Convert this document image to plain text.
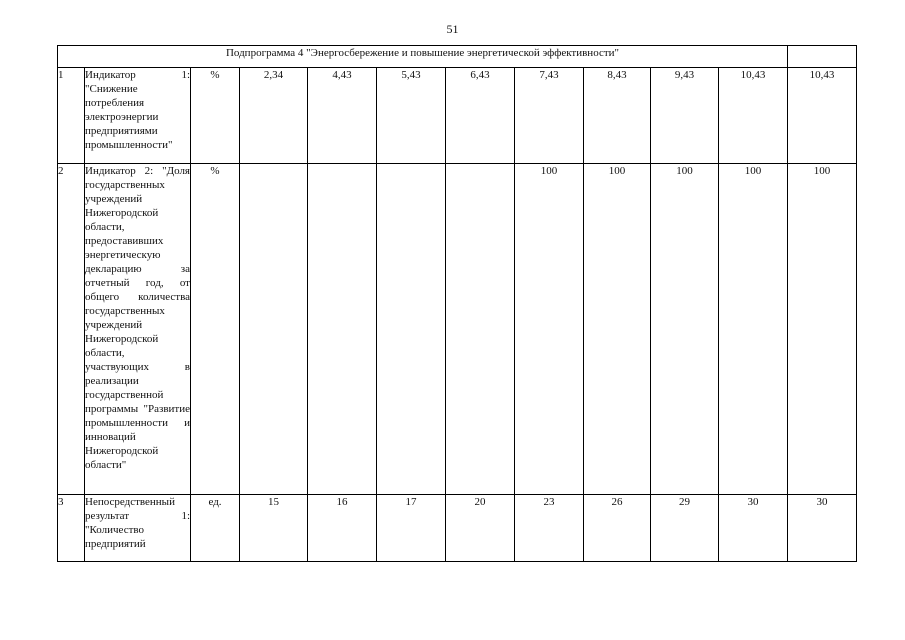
51
Подпрограмма 4 "Энергосбережение и повышение энергетической эффективности"											
1	Индикатор 1: "Снижение потребления электроэнергии предприятиями промышленности"	%	2,34	4,43	5,43	6,43	7,43	8,43	9,43	10,43	10,43
2	Индикатор 2: "Доля государственных учреждений Нижегородской области, предоставивших энергетическую декларацию за отчетный год, от общего количества государственных учреждений Нижегородской области, участвующих в реализации государственной программы "Развитие промышленности и инноваций Нижегородской области"	%					100	100	100	100	100
3	Непосредственный результат 1: "Количество предприятий	ед.	15	16	17	20	23	26	29	30	30
